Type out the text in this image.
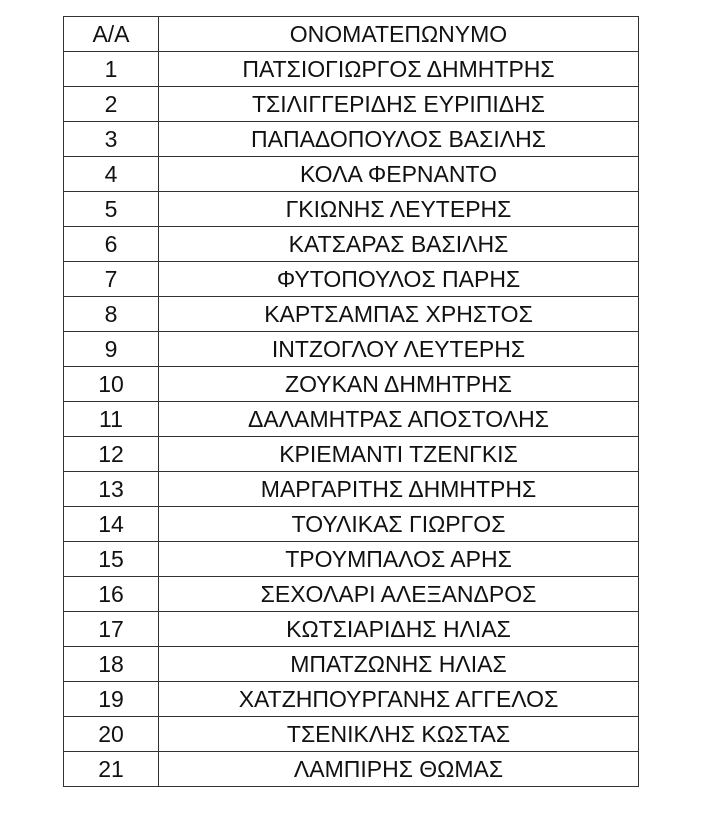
Α/Α	ΟΝΟΜΑΤΕΠΩΝΥΜΟ
1	ΠΑΤΣΙΟΓΙΩΡΓΟΣ ΔΗΜΗΤΡΗΣ
2	ΤΣΙΛΙΓΓΕΡΙΔΗΣ ΕΥΡΙΠΙΔΗΣ
3	ΠΑΠΑΔΟΠΟΥΛΟΣ ΒΑΣΙΛΗΣ
4	ΚΟΛΑ ΦΕΡΝΑΝΤΟ
5	ΓΚΙΩΝΗΣ ΛΕΥΤΕΡΗΣ
6	ΚΑΤΣΑΡΑΣ ΒΑΣΙΛΗΣ
7	ΦΥΤΟΠΟΥΛΟΣ ΠΑΡΗΣ
8	ΚΑΡΤΣΑΜΠΑΣ ΧΡΗΣΤΟΣ
9	ΙΝΤΖΟΓΛΟΥ ΛΕΥΤΕΡΗΣ
10	ΖΟΥΚΑΝ ΔΗΜΗΤΡΗΣ
11	ΔΑΛΑΜΗΤΡΑΣ ΑΠΟΣΤΟΛΗΣ
12	ΚΡΙΕΜΑΝΤΙ ΤΖΕΝΓΚΙΣ
13	ΜΑΡΓΑΡΙΤΗΣ ΔΗΜΗΤΡΗΣ
14	ΤΟΥΛΙΚΑΣ ΓΙΩΡΓΟΣ
15	ΤΡΟΥΜΠΑΛΟΣ ΑΡΗΣ
16	ΣΕΧΟΛΑΡΙ ΑΛΕΞΑΝΔΡΟΣ
17	ΚΩΤΣΙΑΡΙΔΗΣ ΗΛΙΑΣ
18	ΜΠΑΤΖΩΝΗΣ ΗΛΙΑΣ
19	ΧΑΤΖΗΠΟΥΡΓΑΝΗΣ ΑΓΓΕΛΟΣ
20	ΤΣΕΝΙΚΛΗΣ ΚΩΣΤΑΣ
21	ΛΑΜΠΙΡΗΣ ΘΩΜΑΣ
